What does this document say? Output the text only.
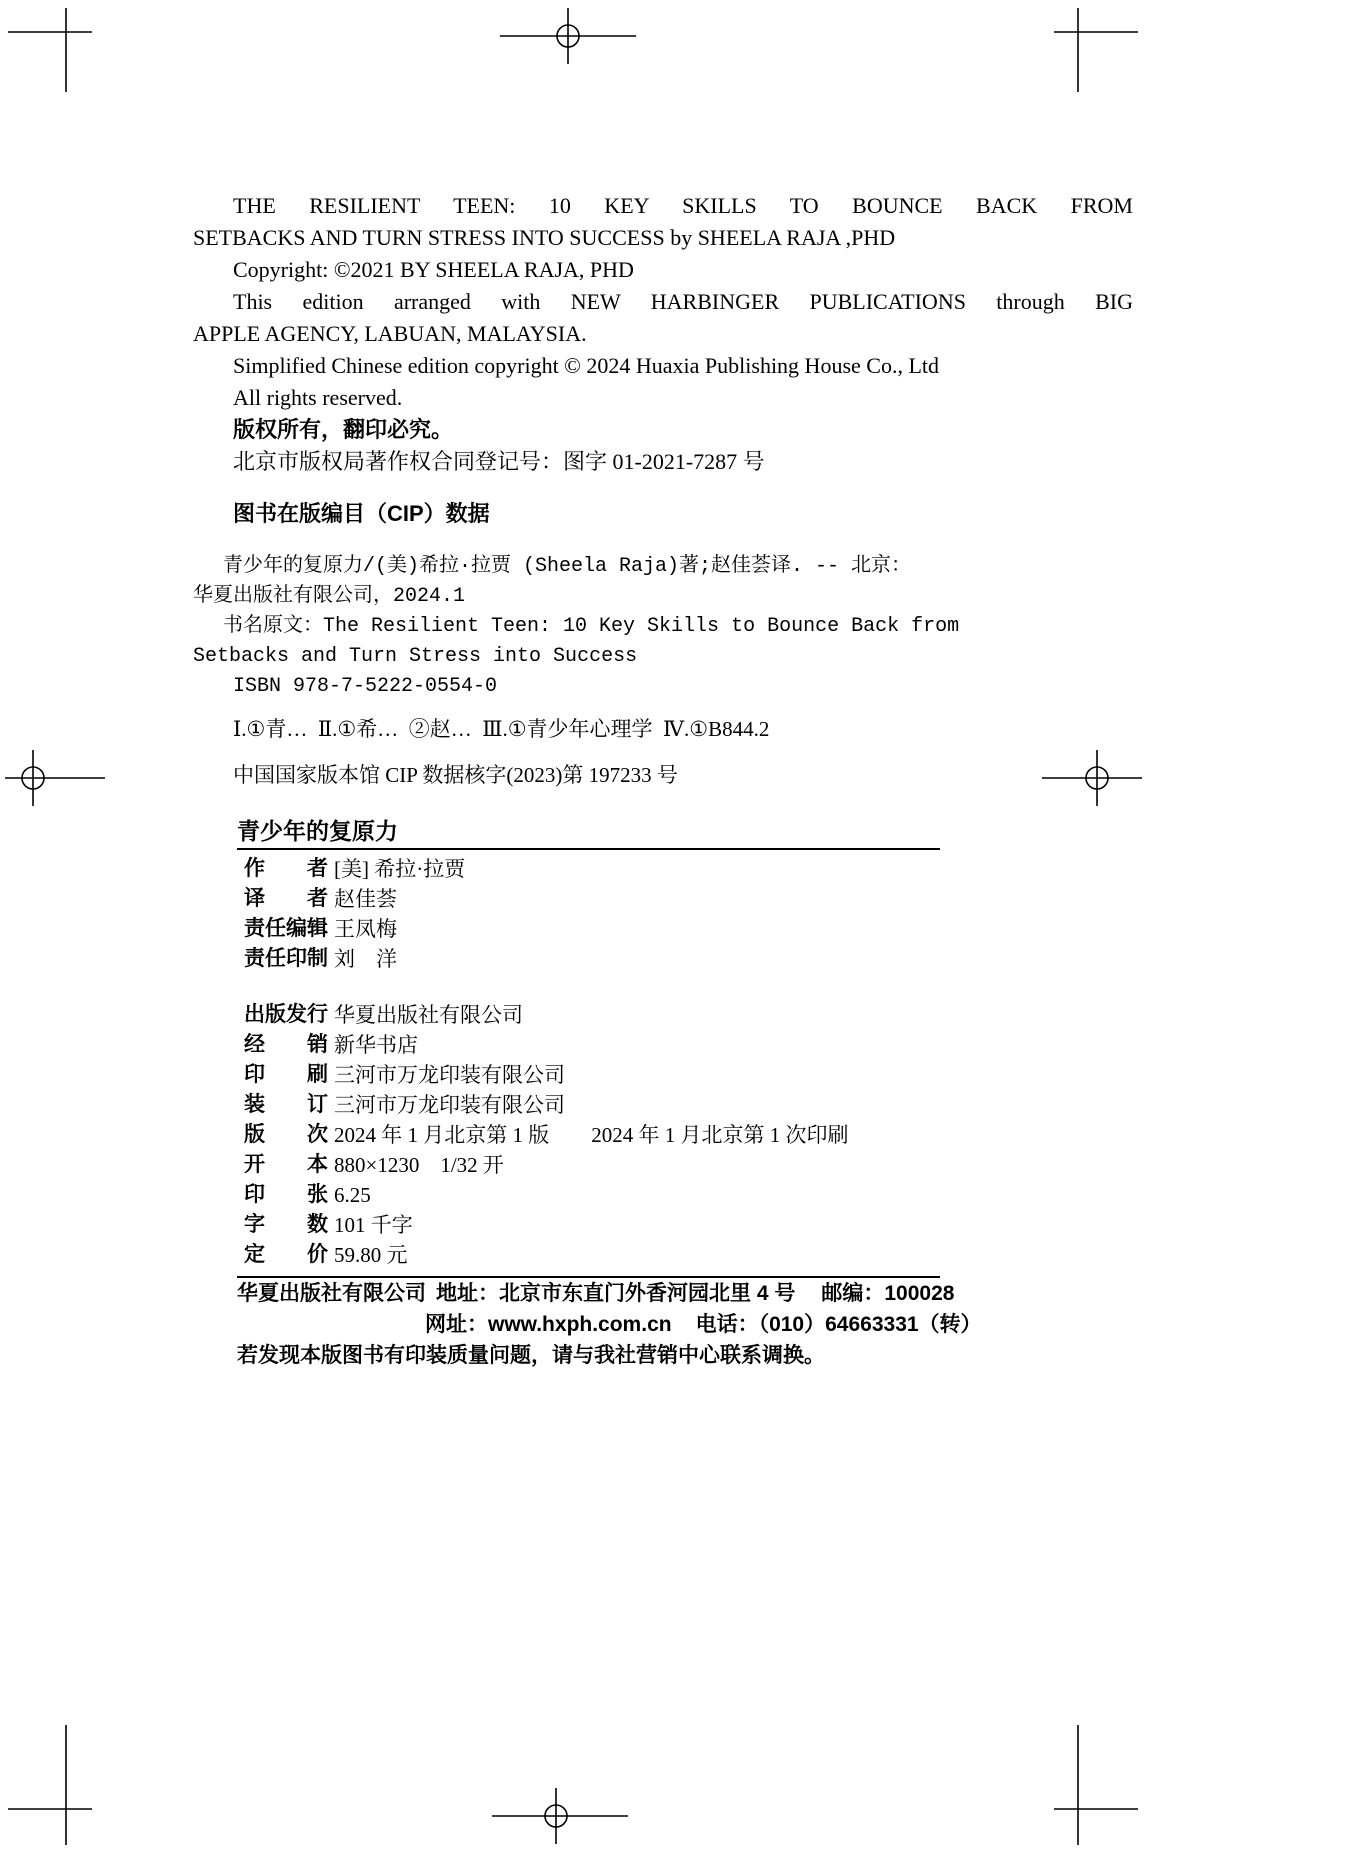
THE RESILIENT TEEN: 10 KEY SKILLS TO BOUNCE BACK FROM
SETBACKS AND TURN STRESS INTO SUCCESS by SHEELA RAJA ,PHD
Copyright: ©2021 BY SHEELA RAJA, PHD
This edition arranged with NEW HARBINGER PUBLICATIONS through BIG
APPLE AGENCY, LABUAN, MALAYSIA.
Simplified Chinese edition copyright © 2024 Huaxia Publishing House Co., Ltd
All rights reserved.
版权所有，翻印必究。
北京市版权局著作权合同登记号：图字 01-2021-7287 号
图书在版编目（CIP）数据
青少年的复原力/(美)希拉·拉贾 (Sheela Raja)著;赵佳荟译. -- 北京：
华夏出版社有限公司，2024.1
书名原文：The Resilient Teen: 10 Key Skills to Bounce Back from
Setbacks and Turn Stress into Success
ISBN 978-7-5222-0554-0
Ⅰ.①青…  Ⅱ.①希…  ②赵…  Ⅲ.①青少年心理学  Ⅳ.①B844.2
中国国家版本馆 CIP 数据核字(2023)第 197233 号
青少年的复原力
作　　者 [美] 希拉·拉贾
译　　者 赵佳荟
责任编辑 王凤梅
责任印制 刘　洋
出版发行 华夏出版社有限公司
经　　销 新华书店
印　　刷 三河市万龙印装有限公司
装　　订 三河市万龙印装有限公司
版　　次 2024 年 1 月北京第 1 版　　2024 年 1 月北京第 1 次印刷
开　　本 880×1230　1/32 开
印　　张 6.25
字　　数 101 千字
定　　价 59.80 元
华夏出版社有限公司 地址：北京市东直门外香河园北里 4 号 邮编：100028
网址：www.hxph.com.cn 电话：（010）64663331（转）
若发现本版图书有印装质量问题，请与我社营销中心联系调换。
